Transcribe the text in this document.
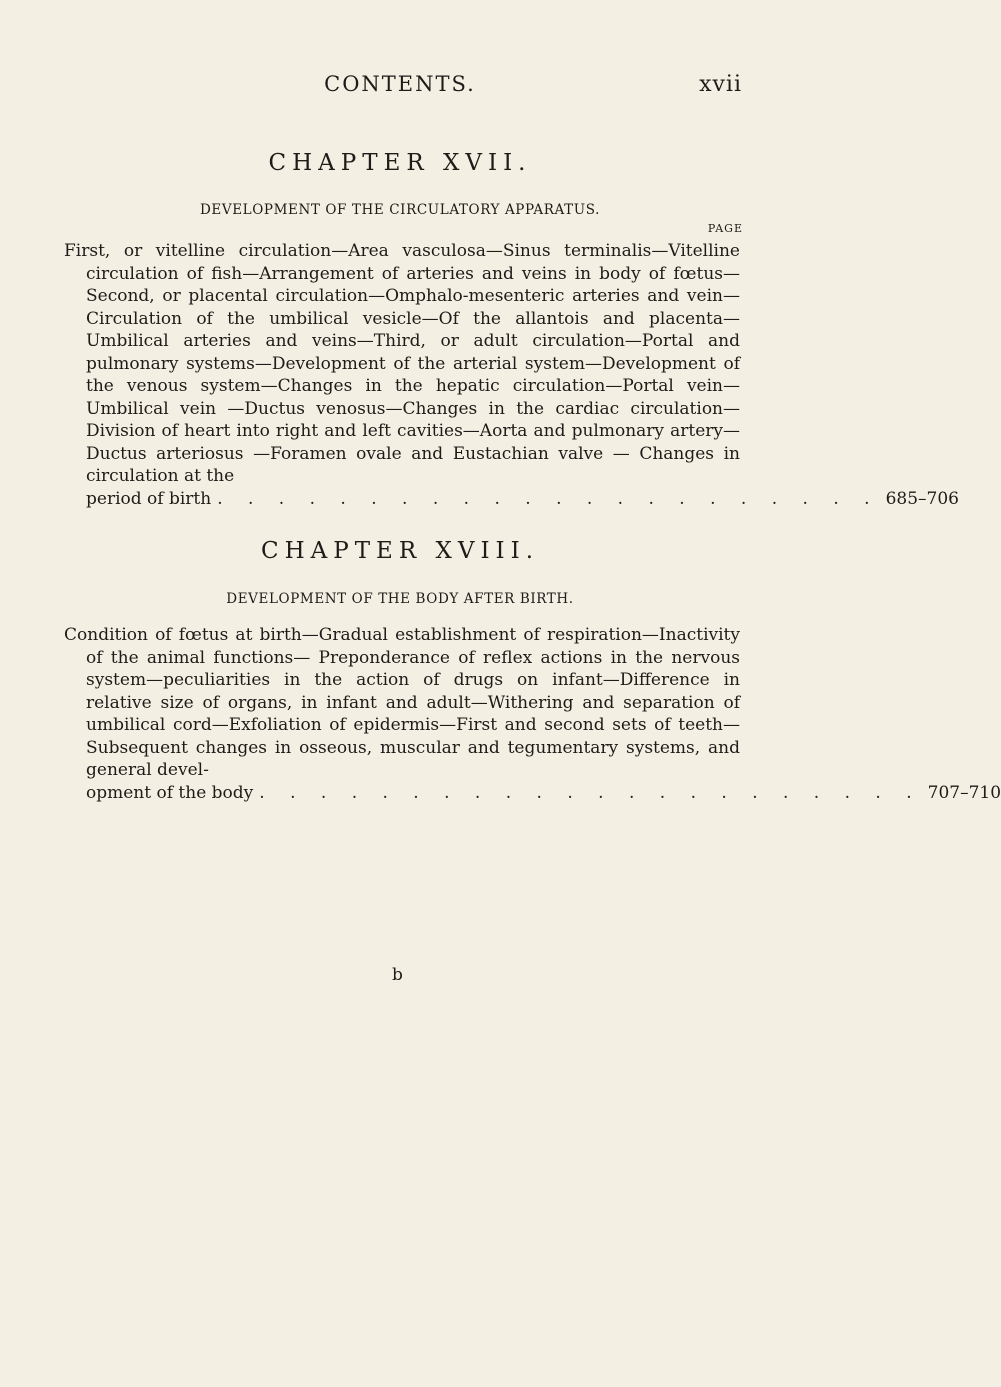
CONTENTS.	xvii
CHAPTER XVII.
DEVELOPMENT OF THE CIRCULATORY APPARATUS.
PAGE
First, or vitelline circulation—Area vasculosa—Sinus terminalis—Vitelline circulation of fish—Arrangement of arteries and veins in body of fœtus—Second, or placental circulation—Omphalo-mesenteric arteries and vein—Circulation of the umbilical vesicle—Of the allantois and placenta—Umbilical arteries and veins—Third, or adult circulation—Portal and pulmonary systems—Development of the arterial system—Development of the venous system—Changes in the hepatic circulation—Portal vein—Umbilical vein —Ductus venosus—Changes in the cardiac circulation—Division of heart into right and left cavities—Aorta and pulmonary artery—Ductus arteriosus —Foramen ovale and Eustachian valve — Changes in circulation at the
period of birth . . . . . . . . . . . . . . . . . . . . . . 685–706
CHAPTER XVIII.
DEVELOPMENT OF THE BODY AFTER BIRTH.
Condition of fœtus at birth—Gradual establishment of respiration—Inactivity of the animal functions— Preponderance of reflex actions in the nervous system—peculiarities in the action of drugs on infant—Difference in relative size of organs, in infant and adult—Withering and separation of umbilical cord—Exfoliation of epidermis—First and second sets of teeth—Subsequent changes in osseous, muscular and tegumentary systems, and general devel-
opment of the body . . . . . . . . . . . . . . . . . . . . . . 707–710
b
